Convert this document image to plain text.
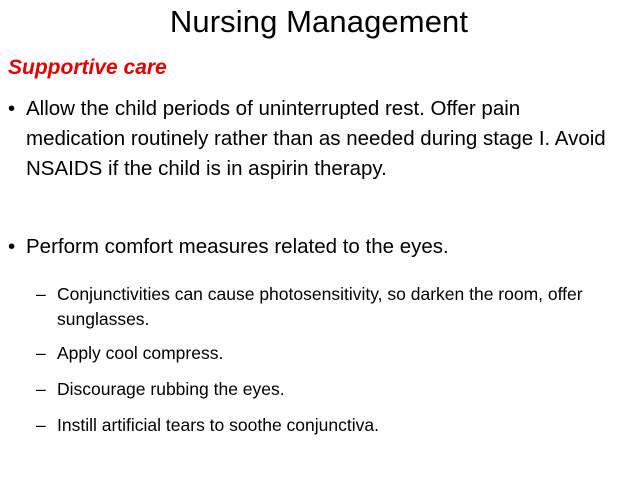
Nursing Management
Supportive care
• Allow the child periods of uninterrupted rest. Offer pain medication routinely rather than as needed during stage I. Avoid NSAIDS if the child is in aspirin therapy.
• Perform comfort measures related to the eyes.
– Conjunctivities can cause photosensitivity, so darken the room, offer sunglasses.
– Apply cool compress.
– Discourage rubbing the eyes.
– Instill artificial tears to soothe conjunctiva.
